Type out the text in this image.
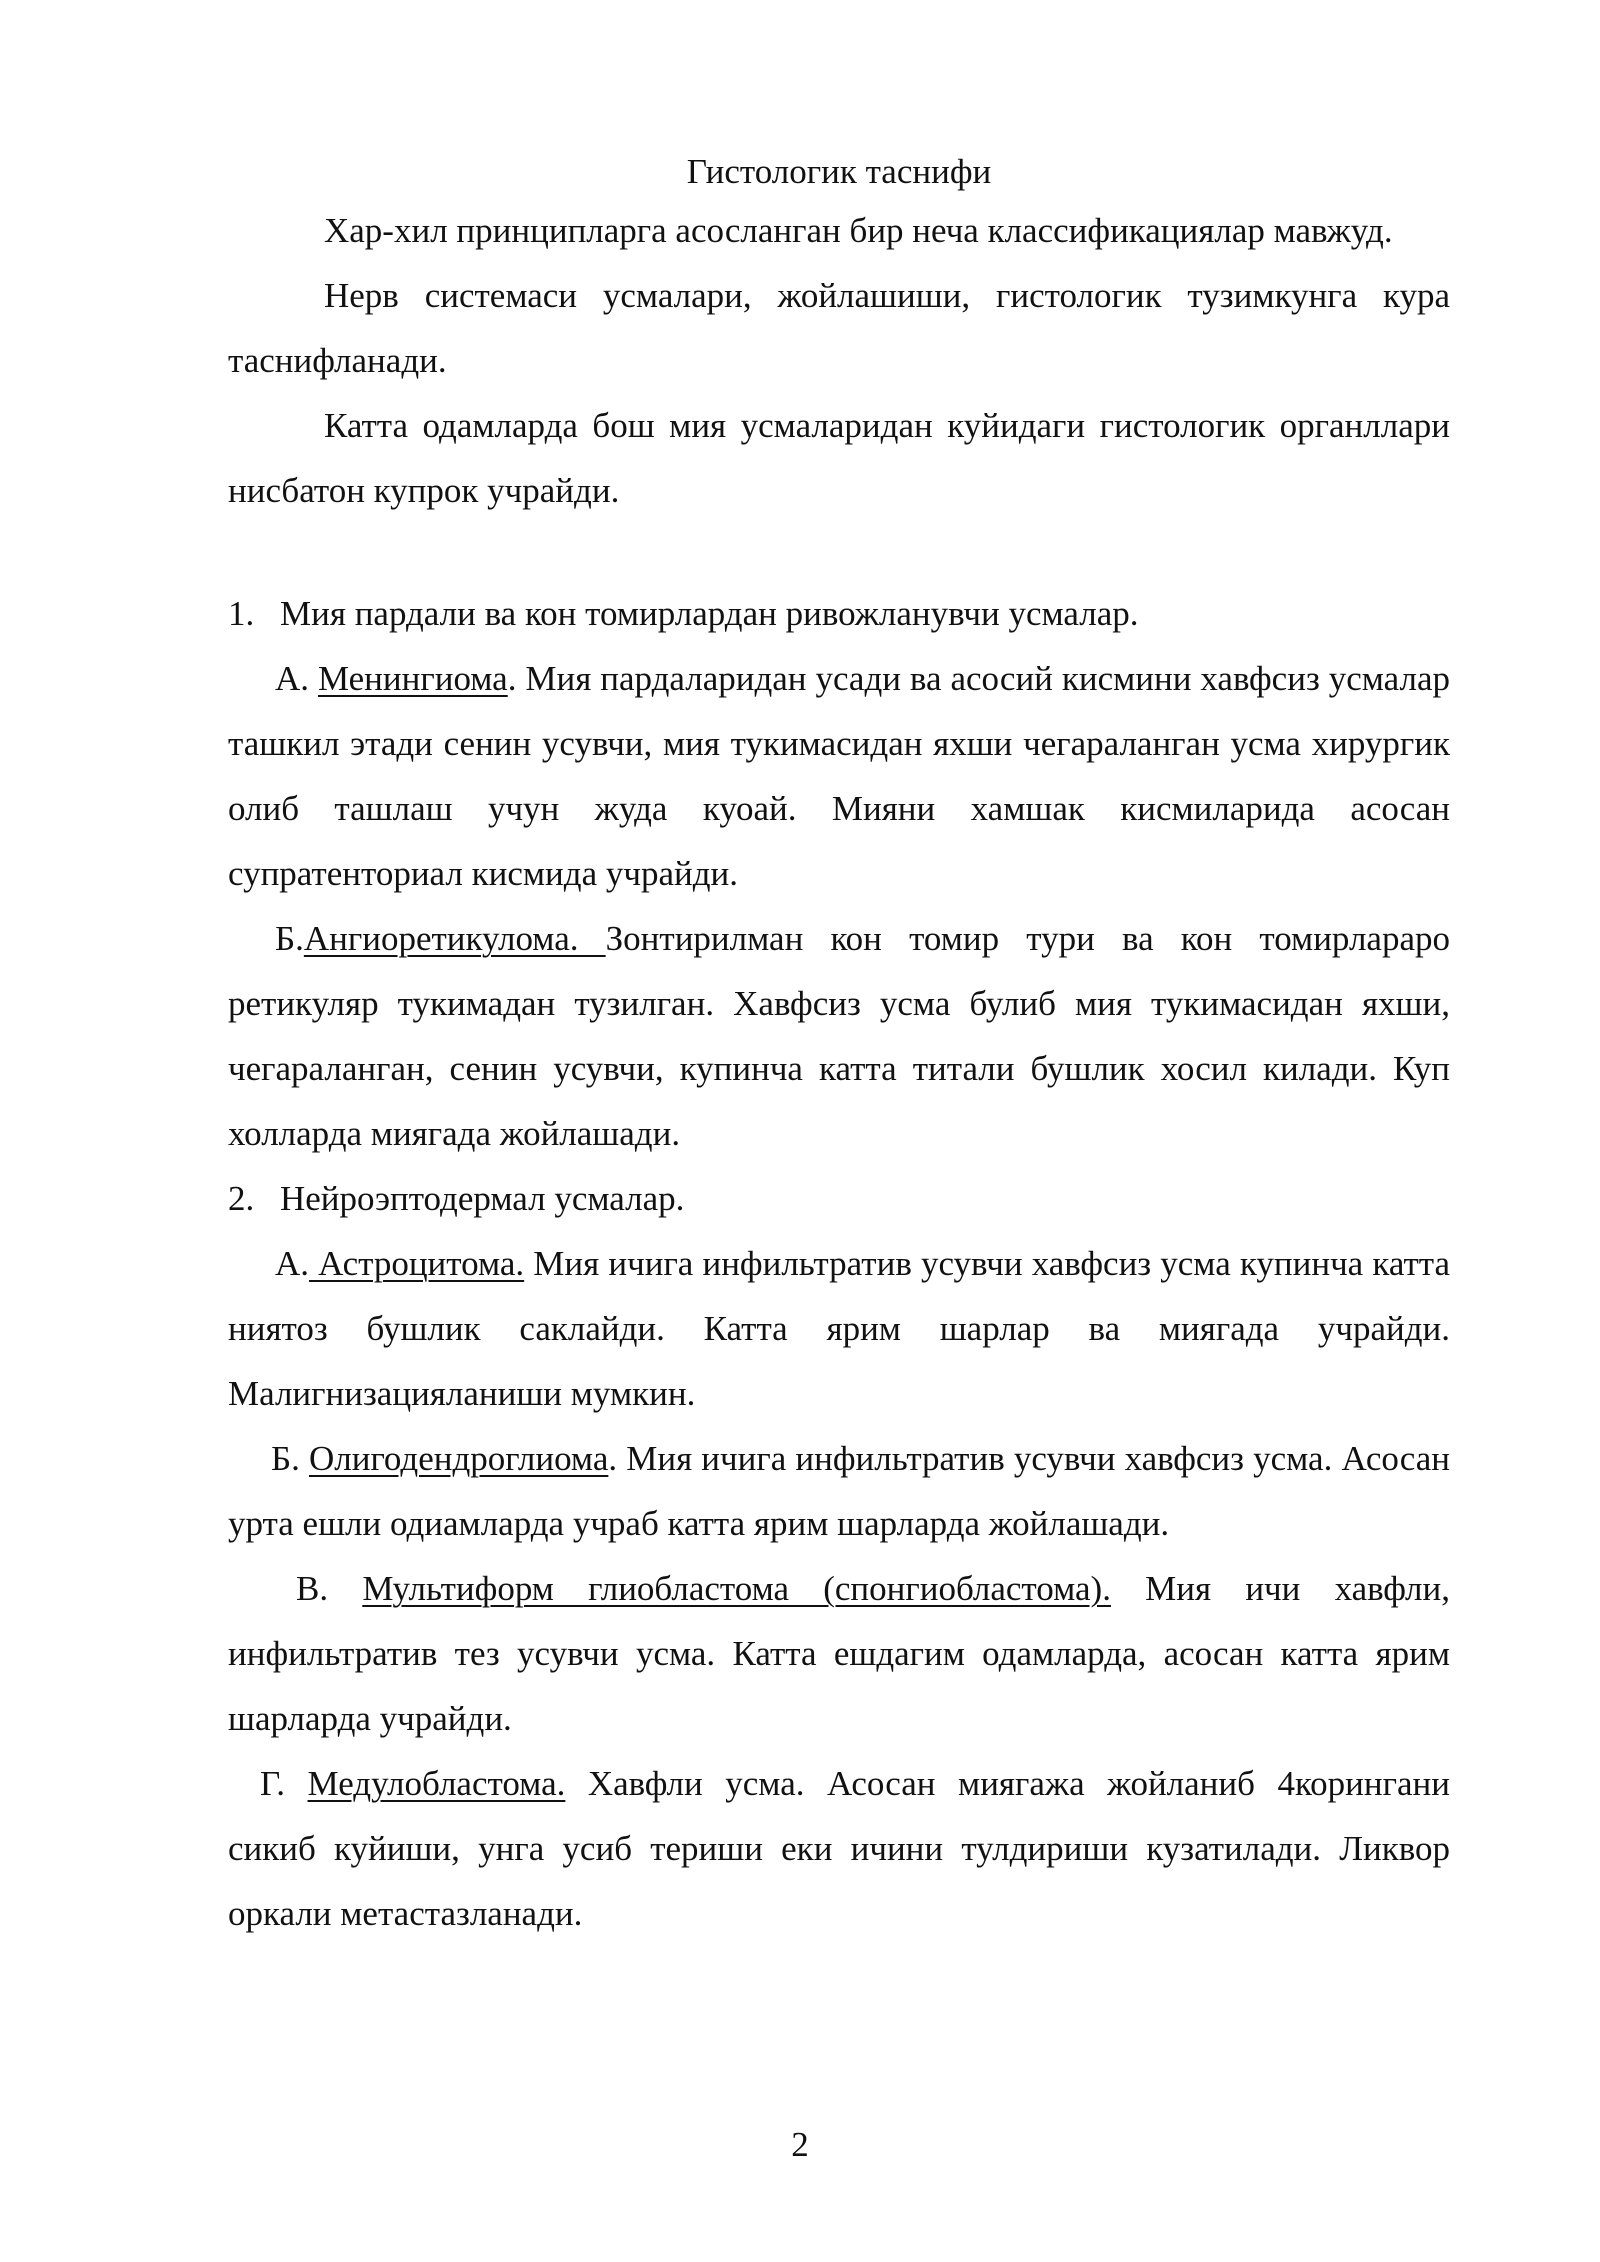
Гистологик таснифи

Хар-хил принципларга асосланган бир неча классификациялар мавжуд.

Нерв системаси усмалари, жойлашиши, гистологик тузимкунга кура таснифланади.

Катта одамларда бош мия усмаларидан куйидаги гистологик органллари нисбатон купрок учрайди.

1. Мия пардали ва кон томирлардан ривожланувчи усмалар.

А. Менингиома. Мия пардаларидан усади ва асосий кисмини хавфсиз усмалар ташкил этади сенин усувчи, мия тукимасидан яхши чегараланган усма хирургик олиб ташлаш учун жуда куоай. Мияни хамшак кисмиларида асосан супратенториал кисмида учрайди.

Б.Ангиоретикулома. Зонтирилман кон томир тури ва кон томирлараро ретикуляр тукимадан тузилган. Хавфсиз усма булиб мия тукимасидан яхши, чегараланган, сенин усувчи, купинча катта титали бушлик хосил килади. Куп холларда миягада жойлашади.

2. Нейроэптодермал усмалар.

А. Астроцитома. Мия ичига инфильтратив усувчи хавфсиз усма купинча катта ниятоз бушлик саклайди. Катта ярим шарлар ва миягада учрайди. Малигнизацияланиши мумкин.

Б. Олигодендроглиома. Мия ичига инфильтратив усувчи хавфсиз усма. Асосан урта ешли одиамларда учраб катта ярим шарларда жойлашади.

В. Мультиформ глиобластома (спонгиобластома). Мия ичи хавфли, инфильтратив тез усувчи усма. Катта ешдагим одамларда, асосан катта ярим шарларда учрайди.

Г. Медулобластома. Хавфли усма. Асосан миягажа жойланиб 4корингани сикиб куйиши, унга усиб териши еки ичини тулдириши кузатилади. Ликвор оркали метастазланади.

2
